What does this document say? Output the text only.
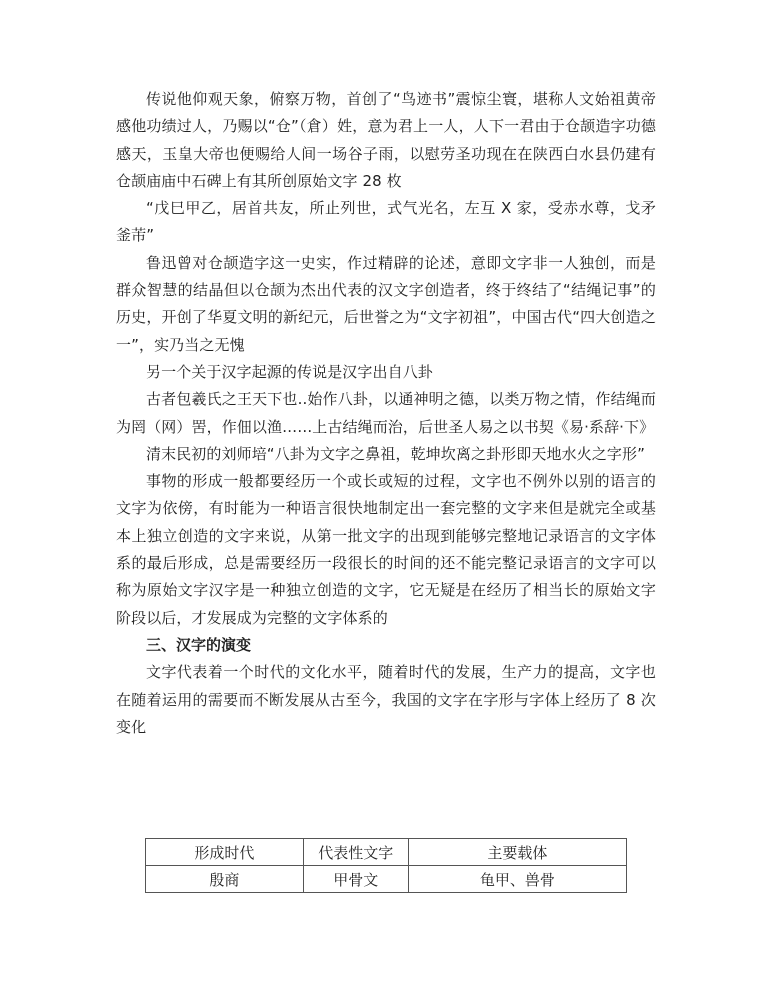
传说他仰观天象，俯察万物，首创了“鸟迹书”震惊尘寰，堪称人文始祖黄帝感他功绩过人，乃赐以“仓”（倉）姓，意为君上一人，人下一君由于仓颉造字功德感天，玉皇大帝也便赐给人间一场谷子雨，以慰劳圣功现在在陕西白水县仍建有仓颉庙庙中石碑上有其所创原始文字 28 枚

“戊巳甲乙，居首共友，所止列世，式气光名，左互 X 家，受赤水尊，戈矛釜芾”

鲁迅曾对仓颉造字这一史实，作过精辟的论述，意即文字非一人独创，而是群众智慧的结晶但以仓颉为杰出代表的汉文字创造者，终于终结了“结绳记事”的历史，开创了华夏文明的新纪元，后世誉之为“文字初祖”，中国古代“四大创造之一”，实乃当之无愧

另一个关于汉字起源的传说是汉字出自八卦

古者包羲氏之王天下也..始作八卦，以通神明之德，以类万物之情，作结绳而为罔（网）罟，作佃以渔……上古结绳而治，后世圣人易之以书契《易·系辞·下》

清末民初的刘师培“八卦为文字之鼻祖，乾坤坎离之卦形即天地水火之字形”

事物的形成一般都要经历一个或长或短的过程，文字也不例外以别的语言的文字为依傍，有时能为一种语言很快地制定出一套完整的文字来但是就完全或基本上独立创造的文字来说，从第一批文字的出现到能够完整地记录语言的文字体系的最后形成，总是需要经历一段很长的时间的还不能完整记录语言的文字可以称为原始文字汉字是一种独立创造的文字，它无疑是在经历了相当长的原始文字阶段以后，才发展成为完整的文字体系的

三、汉字的演变

文字代表着一个时代的文化水平，随着时代的发展，生产力的提高，文字也在随着运用的需要而不断发展从古至今，我国的文字在字形与字体上经历了 8 次变化

形成时代	代表性文字	主要载体
殷商	甲骨文	龟甲、兽骨
